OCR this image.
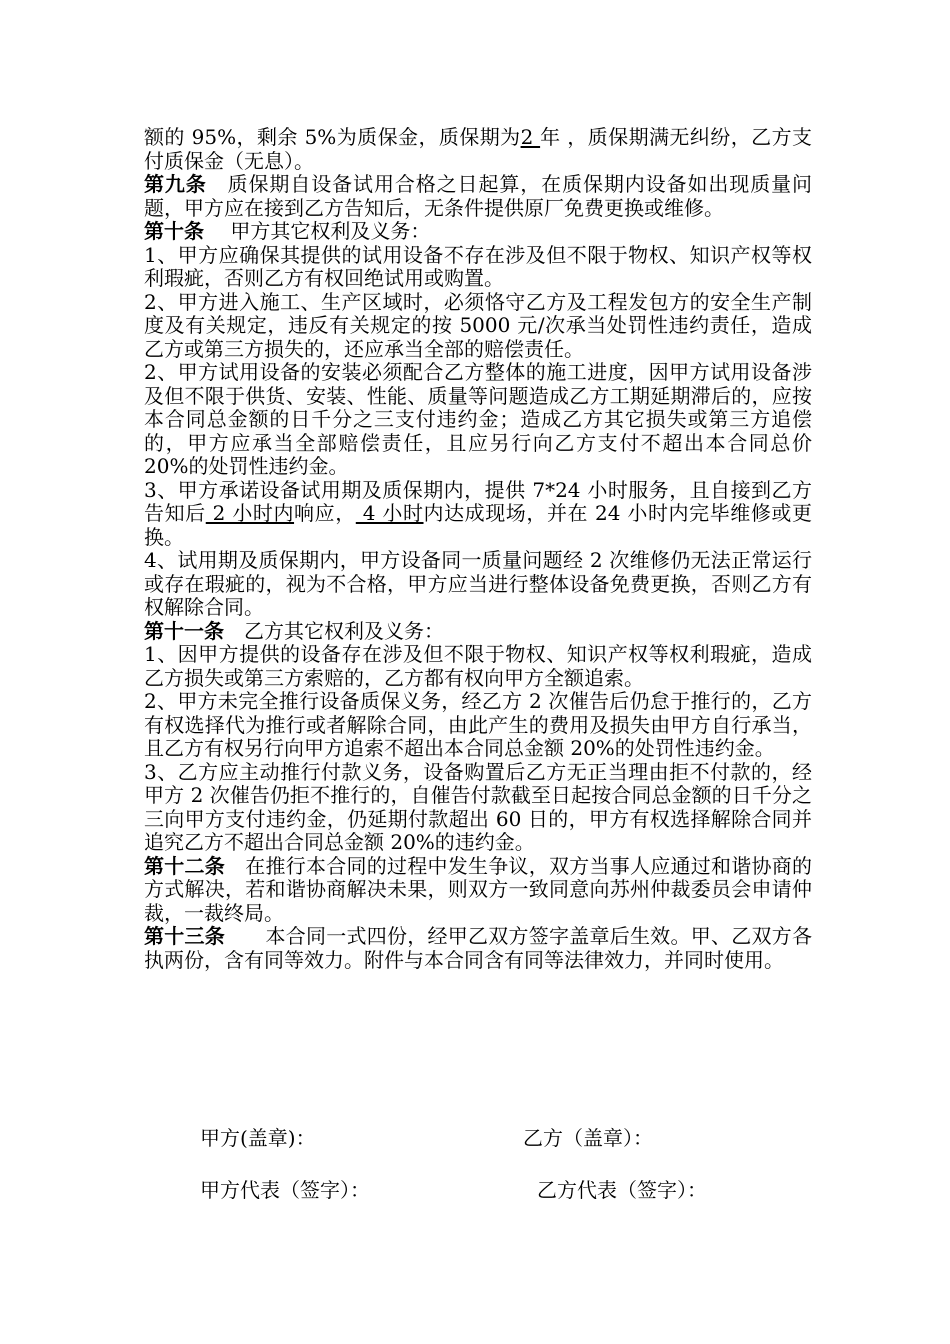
额的 95%，剩余 5%为质保金，质保期为2 年 ，质保期满无纠纷，乙方支付质保金（无息）。

第九条　质保期自设备试用合格之日起算，在质保期内设备如出现质量问题，甲方应在接到乙方告知后，无条件提供原厂免费更换或维修。

第十条　 甲方其它权利及义务：

1、甲方应确保其提供的试用设备不存在涉及但不限于物权、知识产权等权利瑕疵，否则乙方有权回绝试用或购置。

2、甲方进入施工、生产区域时，必须恪守乙方及工程发包方的安全生产制度及有关规定，违反有关规定的按 5000 元/次承当处罚性违约责任，造成乙方或第三方损失的，还应承当全部的赔偿责任。

2、甲方试用设备的安装必须配合乙方整体的施工进度，因甲方试用设备涉及但不限于供货、安装、性能、质量等问题造成乙方工期延期滞后的，应按本合同总金额的日千分之三支付违约金；造成乙方其它损失或第三方追偿的，甲方应承当全部赔偿责任，且应另行向乙方支付不超出本合同总价 20%的处罚性违约金。

3、甲方承诺设备试用期及质保期内，提供 7*24 小时服务，且自接到乙方告知后 2 小时内响应， 4 小时内达成现场，并在 24 小时内完毕维修或更换。

4、试用期及质保期内，甲方设备同一质量问题经 2 次维修仍无法正常运行或存在瑕疵的，视为不合格，甲方应当进行整体设备免费更换，否则乙方有权解除合同。

第十一条　乙方其它权利及义务：

1、因甲方提供的设备存在涉及但不限于物权、知识产权等权利瑕疵，造成乙方损失或第三方索赔的，乙方都有权向甲方全额追索。

2、甲方未完全推行设备质保义务，经乙方 2 次催告后仍怠于推行的，乙方有权选择代为推行或者解除合同，由此产生的费用及损失由甲方自行承当，且乙方有权另行向甲方追索不超出本合同总金额 20%的处罚性违约金。

3、乙方应主动推行付款义务，设备购置后乙方无正当理由拒不付款的，经甲方 2 次催告仍拒不推行的，自催告付款截至日起按合同总金额的日千分之三向甲方支付违约金，仍延期付款超出 60 日的，甲方有权选择解除合同并追究乙方不超出合同总金额 20%的违约金。

第十二条　在推行本合同的过程中发生争议，双方当事人应通过和谐协商的方式解决，若和谐协商解决未果，则双方一致同意向苏州仲裁委员会申请仲裁，一裁终局。

第十三条　　本合同一式四份，经甲乙双方签字盖章后生效。甲、乙双方各执两份，含有同等效力。附件与本合同含有同等法律效力，并同时使用。

甲方(盖章)：	乙方（盖章）：
甲方代表（签字）：	乙方代表（签字）：
